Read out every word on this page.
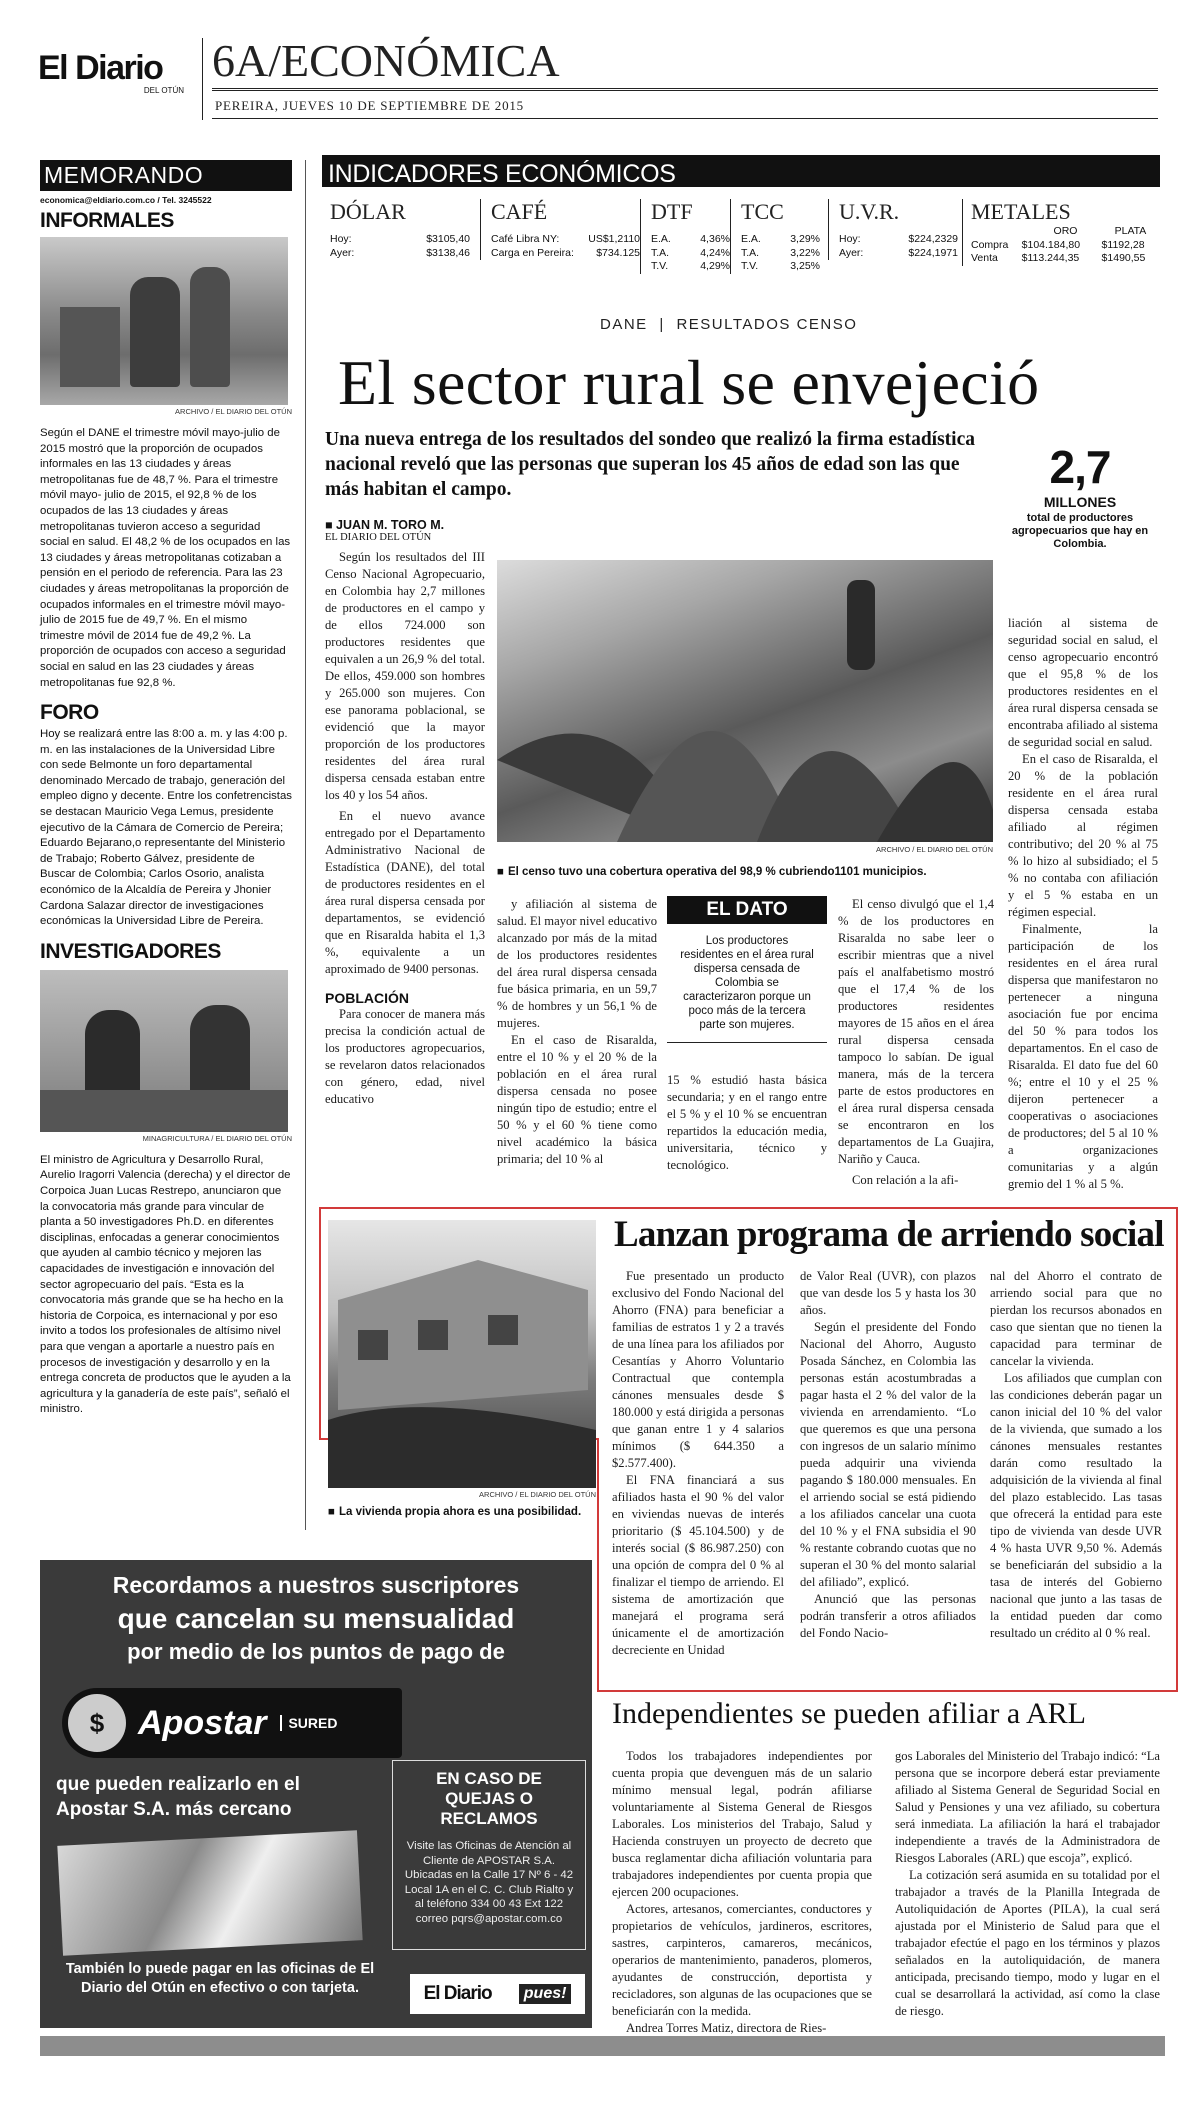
El Diario
DEL OTÚN
6A/ECONÓMICA
PEREIRA, JUEVES 10 DE SEPTIEMBRE DE 2015
MEMORANDO
economica@eldiario.com.co / Tel. 3245522
INFORMALES
ARCHIVO / EL DIARIO DEL OTÚN
Según el DANE el trimestre móvil mayo-julio de 2015 mostró que la proporción de ocupados informales en las 13 ciudades y áreas metropolitanas fue de 48,7 %. Para el trimestre móvil mayo- julio de 2015, el 92,8 % de los ocupados de las 13 ciudades y áreas metropolitanas tuvieron acceso a seguridad social en salud. El 48,2 % de los ocupados en las 13 ciudades y áreas metropolitanas cotizaban a pensión en el periodo de referencia. Para las 23 ciudades y áreas metropolitanas la proporción de ocupados informales en el trimestre móvil mayo- julio de 2015 fue de 49,7 %. En el mismo trimestre móvil de 2014 fue de 49,2 %. La proporción de ocupados con acceso a seguridad social en salud en las 23 ciudades y áreas metropolitanas fue 92,8 %.
FORO
Hoy se realizará entre las 8:00 a. m. y las 4:00 p. m. en las instalaciones de la Universidad Libre con sede Belmonte un foro departamental denominado Mercado de trabajo, generación del empleo digno y decente. Entre los confetrencistas se destacan Mauricio Vega Lemus, presidente ejecutivo de la Cámara de Comercio de Pereira; Eduardo Bejarano,o representante del Ministerio de Trabajo; Roberto Gálvez, presidente de Buscar de Colombia; Carlos Osorio, analista económico de la Alcaldía de Pereira y Jhonier Cardona Salazar director de investigaciones económicas la Universidad Libre de Pereira.
INVESTIGADORES
MINAGRICULTURA / EL DIARIO DEL OTÚN
El ministro de Agricultura y Desarrollo Rural, Aurelio Iragorri Valencia (derecha) y el director de Corpoica Juan Lucas Restrepo, anunciaron que la convocatoria más grande para vincular de planta a 50 investigadores Ph.D. en diferentes disciplinas, enfocadas a generar conocimientos que ayuden al cambio técnico y mejoren las capacidades de investigación e innovación del sector agropecuario del país. “Esta es la convocatoria más grande que se ha hecho en la historia de Corpoica, es internacional y por eso invito a todos los profesionales de altísimo nivel para que vengan a aportarle a nuestro país en procesos de investigación y desarrollo y en la entrega concreta de productos que le ayuden a la agricultura y la ganadería de este país”, señaló el ministro.
INDICADORES ECONÓMICOS
DÓLAR
Hoy:	$3105,40
Ayer:	$3138,46
CAFÉ
Café Libra NY:	US$1,2110
Carga en Pereira: $734.125
DTF
E.A.	4,36%
T.A.	4,24%
T.V.	4,29%
TCC
E.A.	3,29%
T.A.	3,22%
T.V.	3,25%
U.V.R.
Hoy:	$224,2329
Ayer:	$224,1971
METALES
ORO	PLATA
Compra	$104.184,80	$1192,28
Venta	$113.244,35	$1490,55
DANE | RESULTADOS CENSO
El sector rural se envejeció
Una nueva entrega de los resultados del sondeo que realizó la firma estadística nacional reveló que las personas que superan los 45 años de edad son las que más habitan el campo.	2,7
MILLONES
total de productores agropecuarios que hay en Colombia.
■ JUAN M. TORO M.
EL DIARIO DEL OTÚN

Según los resultados del III Censo Nacional Agropecuario, en Colombia hay 2,7 millones de productores en el campo y de ellos 724.000 son productores residentes que equivalen a un 26,9 % del total. De ellos, 459.000 son hombres y 265.000 son mujeres. Con ese panorama poblacional, se evidenció que la mayor proporción de los productores residentes del área rural dispersa censada estaban entre los 40 y los 54 años.

En el nuevo avance entregado por el Departamento Administrativo Nacional de Estadística (DANE), del total de productores residentes en el área rural dispersa censada por departamentos, se evidenció que en Risaralda habita el 1,3 %, equivalente a un aproximado de 9400 personas.

POBLACIÓN

Para conocer de manera más precisa la condición actual de los productores agropecuarios, se revelaron datos relacionados con género, edad, nivel educativo

ARCHIVO / EL DIARIO DEL OTÚN
■ El censo tuvo una cobertura operativa del 98,9 % cubriendo1101 municipios.

y afiliación al sistema de salud. El mayor nivel educativo alcanzado por más de la mitad de los productores residentes del área rural dispersa censada fue básica primaria, en un 59,7 % de hombres y un 56,1 % de mujeres.

En el caso de Risaralda, entre el 10 % y el 20 % de la población en el área rural dispersa censada no posee ningún tipo de estudio; entre el 50 % y el 60 % tiene como nivel académico la básica primaria; del 10 % al

EL DATO
Los productores residentes en el área rural dispersa censada de Colombia se caracterizaron porque un poco más de la tercera parte son mujeres.

15 % estudió hasta básica secundaria; y en el rango entre el 5 % y el 10 % se encuentran repartidos la educación media, universitaria, técnico y tecnológico.

El censo divulgó que el 1,4 % de los productores en Risaralda no sabe leer o escribir mientras que a nivel país el analfabetismo mostró que el 17,4 % de los productores residentes mayores de 15 años en el área rural dispersa censada tampoco lo sabían. De igual manera, más de la tercera parte de estos productores en el área rural dispersa censada se encontraron en los departamentos de La Guajira, Nariño y Cauca.

Con relación a la afi-

liación al sistema de seguridad social en salud, el censo agropecuario encontró que el 95,8 % de los productores residentes en el área rural dispersa censada se encontraba afiliado al sistema de seguridad social en salud.

En el caso de Risaralda, el 20 % de la población residente en el área rural dispersa censada estaba afiliado al régimen contributivo; del 20 % al 75 % lo hizo al subsidiado; el 5 % no contaba con afiliación y el 5 % estaba en un régimen especial.

Finalmente, la participación de los residentes en el área rural dispersa que manifestaron no pertenecer a ninguna asociación fue por encima del 50 % para todos los departamentos. En el caso de Risaralda. El dato fue del 60 %; entre el 10 y el 25 % dijeron pertenecer a cooperativas o asociaciones de productores; del 5 al 10 % a organizaciones comunitarias y a algún gremio del 1 % al 5 %.

ARCHIVO / EL DIARIO DEL OTÚN
■ La vivienda propia ahora es una posibilidad.
Lanzan programa de arriendo social

Fue presentado un producto exclusivo del Fondo Nacional del Ahorro (FNA) para beneficiar a familias de estratos 1 y 2 a través de una línea para los afiliados por Cesantías y Ahorro Voluntario Contractual que contempla cánones mensuales desde $ 180.000 y está dirigida a personas que ganan entre 1 y 4 salarios mínimos ($ 644.350 a $2.577.400).

El FNA financiará a sus afiliados hasta el 90 % del valor en viviendas nuevas de interés prioritario ($ 45.104.500) y de interés social ($ 86.987.250) con una opción de compra del 0 % al finalizar el tiempo de arriendo. El sistema de amortización que manejará el programa será únicamente el de amortización decreciente en Unidad

de Valor Real (UVR), con plazos que van desde los 5 y hasta los 30 años.

Según el presidente del Fondo Nacional del Ahorro, Augusto Posada Sánchez, en Colombia las personas están acostumbradas a pagar hasta el 2 % del valor de la vivienda en arrendamiento. “Lo que queremos es que una persona con ingresos de un salario mínimo pueda adquirir una vivienda pagando $ 180.000 mensuales. En el arriendo social se está pidiendo a los afiliados cancelar una cuota del 10 % y el FNA subsidia el 90 % restante cobrando cuotas que no superan el 30 % del monto salarial del afiliado”, explicó.

Anunció que las personas podrán transferir a otros afiliados del Fondo Nacio-

nal del Ahorro el contrato de arriendo social para que no pierdan los recursos abonados en caso que sientan que no tienen la capacidad para terminar de cancelar la vivienda.

Los afiliados que cumplan con las condiciones deberán pagar un canon inicial del 10 % del valor de la vivienda, que sumado a los cánones mensuales restantes darán como resultado la adquisición de la vivienda al final del plazo establecido. Las tasas que ofrecerá la entidad para este tipo de vivienda van desde UVR 4 % hasta UVR 9,50 %. Además se beneficiarán del subsidio a la tasa de interés del Gobierno nacional que junto a las tasas de la entidad pueden dar como resultado un crédito al 0 % real.

Recordamos a nuestros suscriptores
que cancelan su mensualidad
por medio de los puntos de pago de
$ Apostar	SURED
que pueden realizarlo en el Apostar S.A. más cercano
EN CASO DE QUEJAS O RECLAMOS
Visite las Oficinas de Atención al Cliente de APOSTAR S.A. Ubicadas en la Calle 17 Nº 6 - 42 Local 1A en el C. C. Club Rialto y al teléfono 334 00 43 Ext 122 correo pqrs@apostar.com.co
También lo puede pagar en las oficinas de El Diario del Otún en efectivo o con tarjeta.	El Diario	pues!
Independientes se pueden afiliar a ARL

Todos los trabajadores independientes por cuenta propia que devenguen más de un salario mínimo mensual legal, podrán afiliarse voluntariamente al Sistema General de Riesgos Laborales. Los ministerios del Trabajo, Salud y Hacienda construyen un proyecto de decreto que busca reglamentar dicha afiliación voluntaria para trabajadores independientes por cuenta propia que ejercen 200 ocupaciones.

Actores, artesanos, comerciantes, conductores y propietarios de vehículos, jardineros, escritores, sastres, carpinteros, camareros, mecánicos, operarios de mantenimiento, panaderos, plomeros, ayudantes de construcción, deportista y recicladores, son algunas de las ocupaciones que se beneficiarán con la medida.

Andrea Torres Matiz, directora de Ries-

gos Laborales del Ministerio del Trabajo indicó: “La persona que se incorpore deberá estar previamente afiliado al Sistema General de Seguridad Social en Salud y Pensiones y una vez afiliado, su cobertura será inmediata. La afiliación la hará el trabajador independiente a través de la Administradora de Riesgos Laborales (ARL) que escoja”, explicó.

La cotización será asumida en su totalidad por el trabajador a través de la Planilla Integrada de Autoliquidación de Aportes (PILA), la cual será ajustada por el Ministerio de Salud para que el trabajador efectúe el pago en los términos y plazos señalados en la autoliquidación, de manera anticipada, precisando tiempo, modo y lugar en el cual se desarrollará la actividad, así como la clase de riesgo.
